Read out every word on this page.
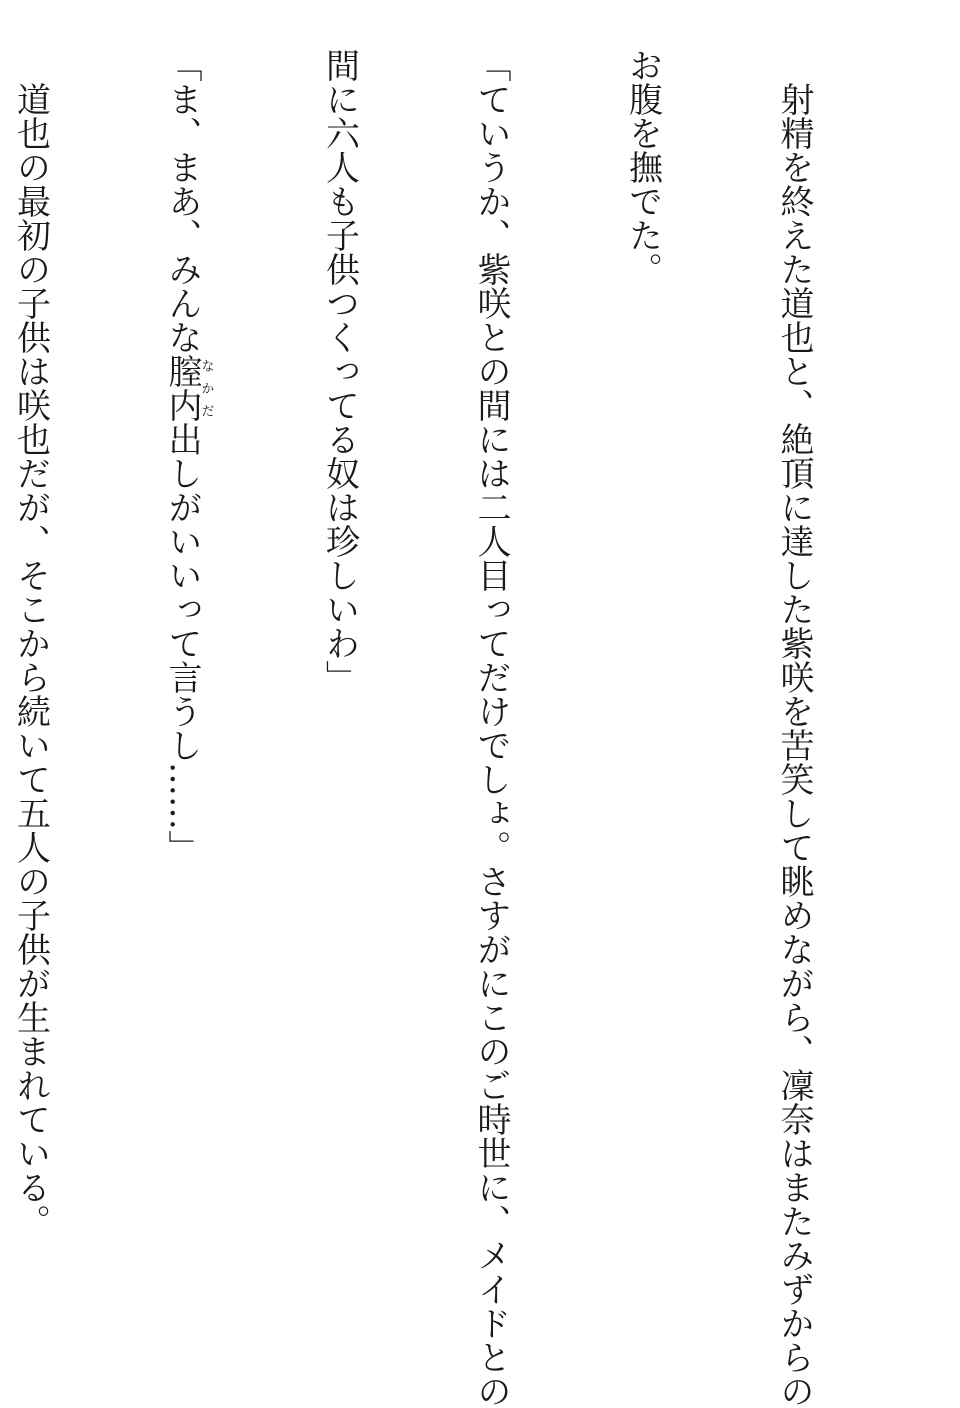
　射精を終えた道也と、絶頂に達した紫咲を苦笑して眺めながら、凜奈はまたみずからの

お腹を撫でた。

「ていうか、紫咲との間には二人目ってだけでしょ。さすがにこのご時世に、メイドとの

間に六人も子供つくってる奴は珍しいわ」

「ま、まあ、みんな膣内なかだ出しがいいって言うし……」

　道也の最初の子供は咲也だが、そこから続いて五人の子供が生まれている。
